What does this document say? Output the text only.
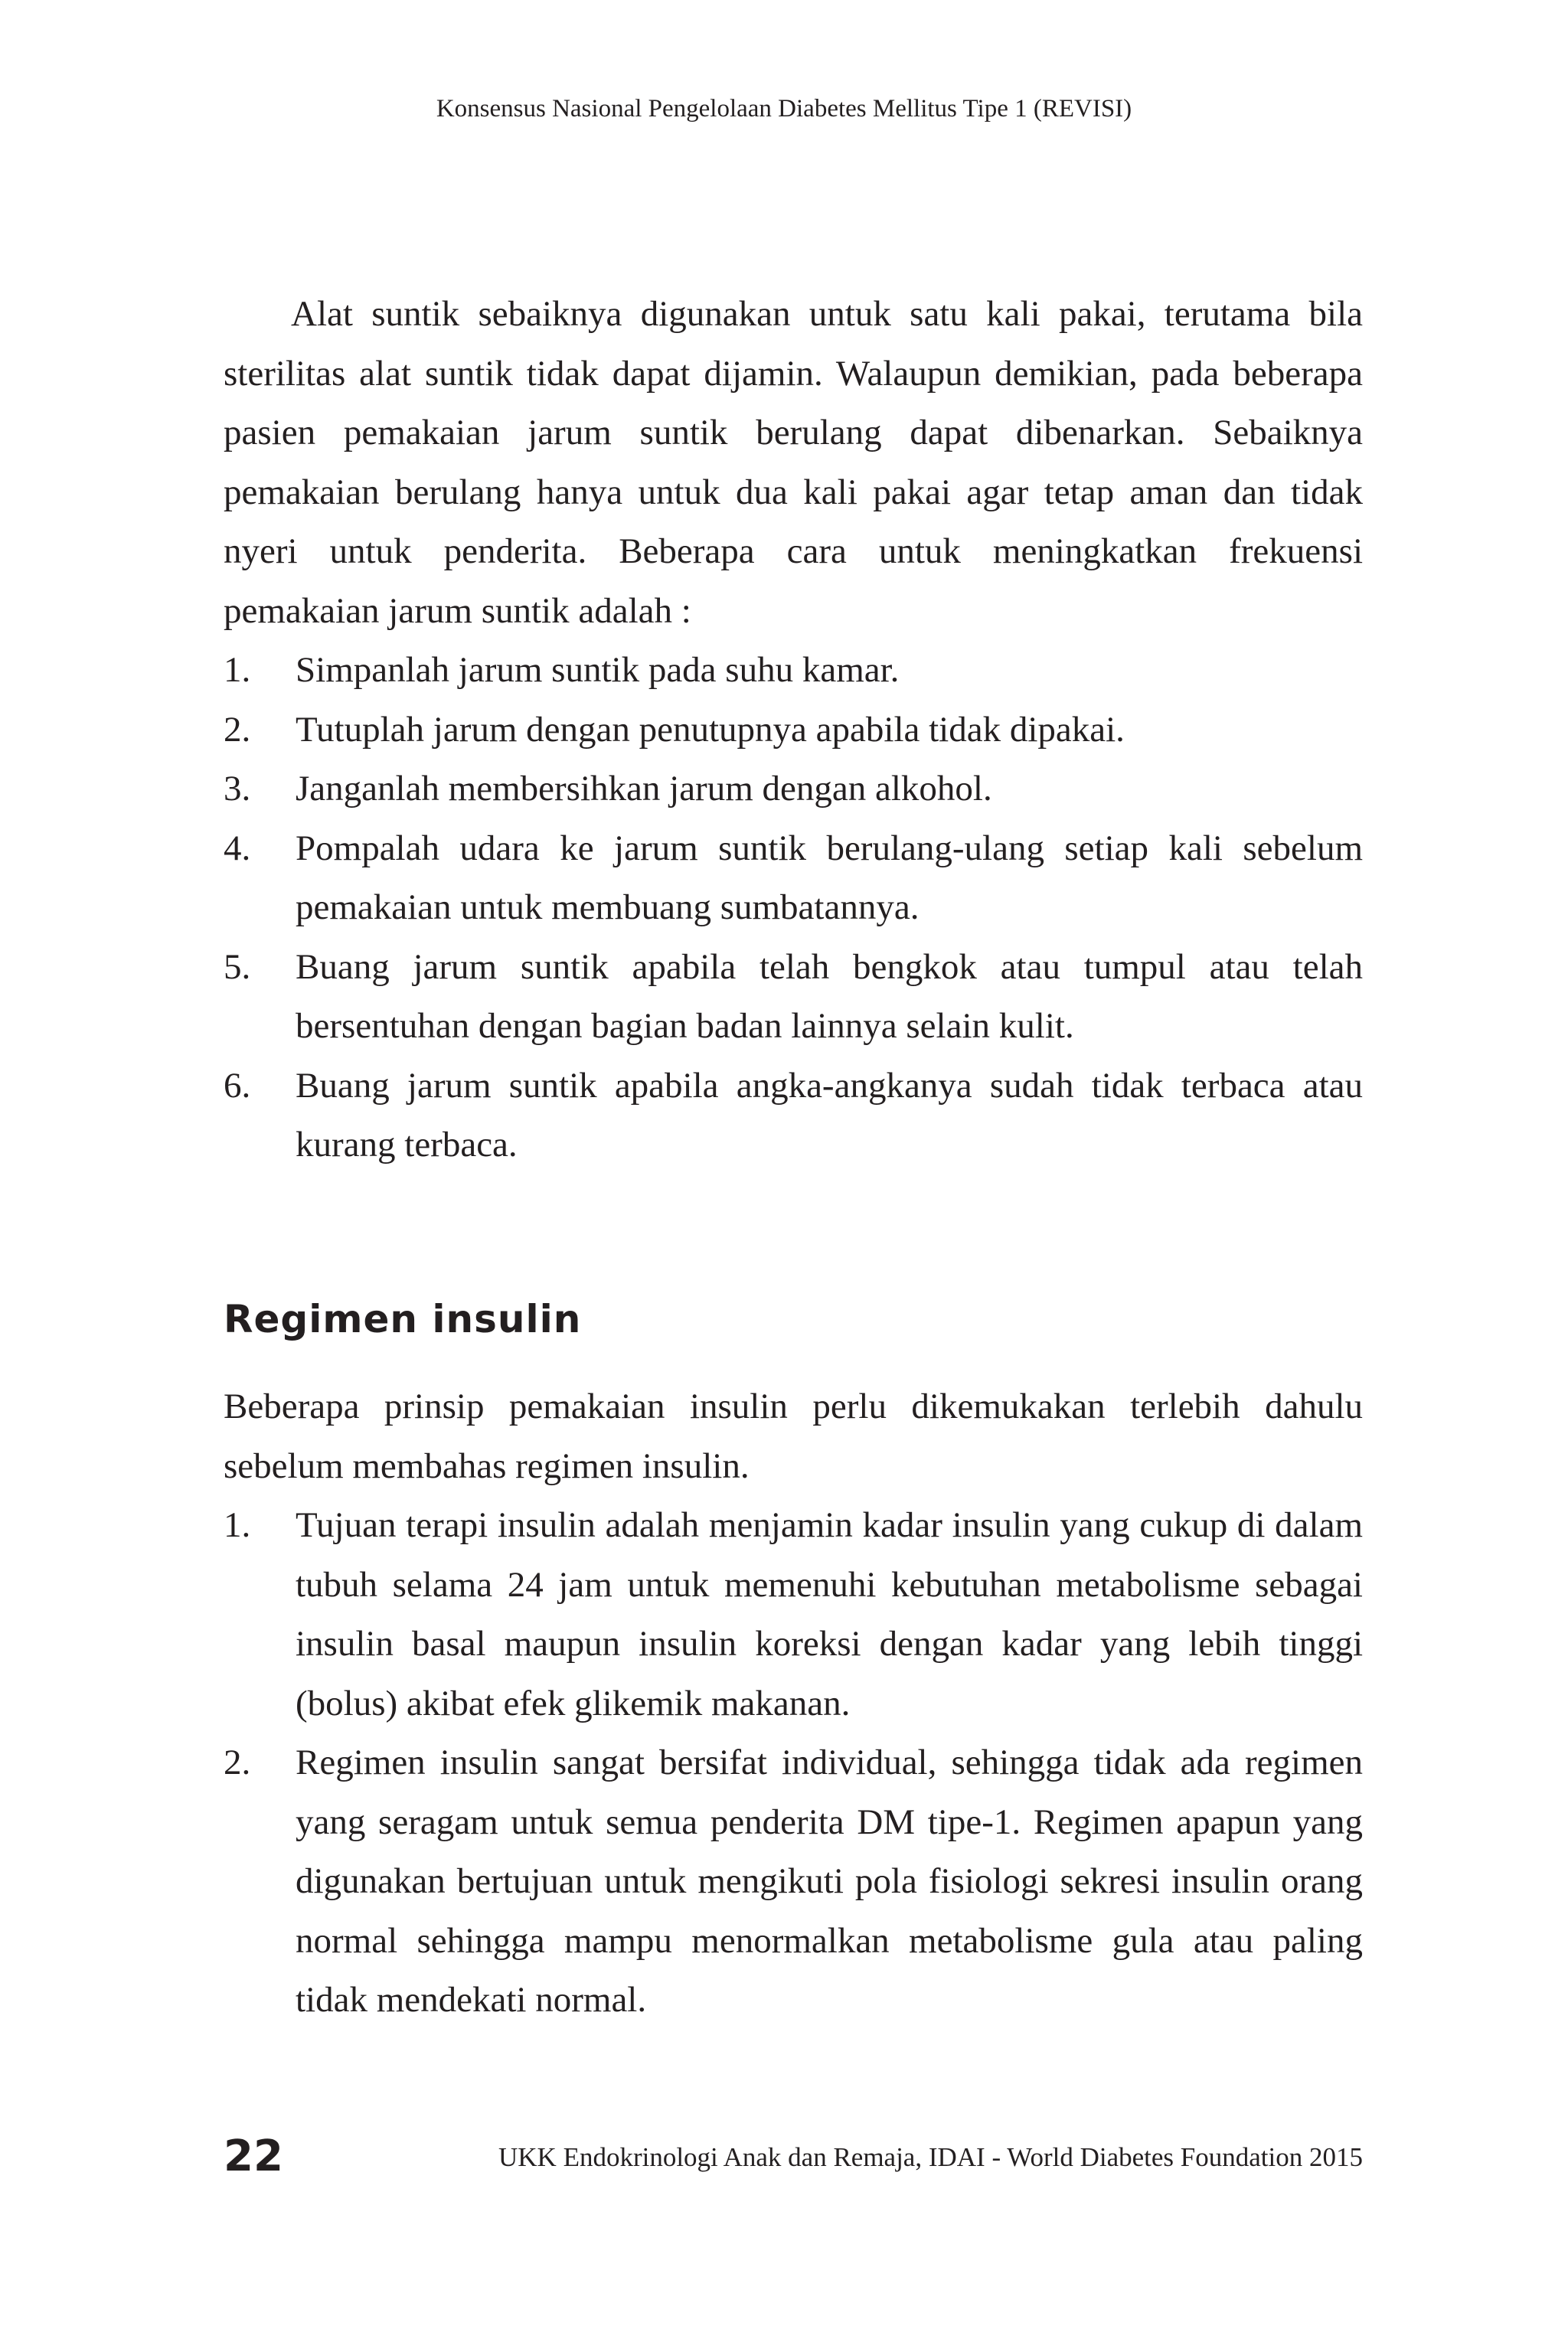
Konsensus Nasional Pengelolaan Diabetes Mellitus Tipe 1 (REVISI)

Alat suntik sebaiknya digunakan untuk satu kali pakai, terutama bila sterilitas alat suntik tidak dapat dijamin. Walaupun demikian, pada beberapa pasien pemakaian jarum suntik berulang dapat dibenarkan. Sebaiknya pemakaian berulang hanya untuk dua kali pakai agar tetap aman dan tidak nyeri untuk penderita. Beberapa cara untuk meningkatkan frekuensi pemakaian jarum suntik adalah :

1. Simpanlah jarum suntik pada suhu kamar.
2. Tutuplah jarum dengan penutupnya apabila tidak dipakai.
3. Janganlah membersihkan jarum dengan alkohol.
4. Pompalah udara ke jarum suntik berulang-ulang setiap kali sebelum pemakaian untuk membuang sumbatannya.
5. Buang jarum suntik apabila telah bengkok atau tumpul atau telah bersentuhan dengan bagian badan lainnya selain kulit.
6. Buang jarum suntik apabila angka-angkanya sudah tidak terbaca atau kurang terbaca.
Regimen insulin

Beberapa prinsip pemakaian insulin perlu dikemukakan terlebih dahulu sebelum membahas regimen insulin.

1. Tujuan terapi insulin adalah menjamin kadar insulin yang cukup di dalam tubuh selama 24 jam untuk memenuhi kebutuhan metabolisme sebagai insulin basal maupun insulin koreksi dengan kadar yang lebih tinggi (bolus) akibat efek glikemik makanan.
2. Regimen insulin sangat bersifat individual, sehingga tidak ada regimen yang seragam untuk semua penderita DM tipe-1. Regimen apapun yang digunakan bertujuan untuk mengikuti pola fisiologi sekresi insulin orang normal sehingga mampu menormalkan metabolisme gula atau paling tidak mendekati normal.
22	UKK Endokrinologi Anak dan Remaja, IDAI - World Diabetes Foundation 2015
